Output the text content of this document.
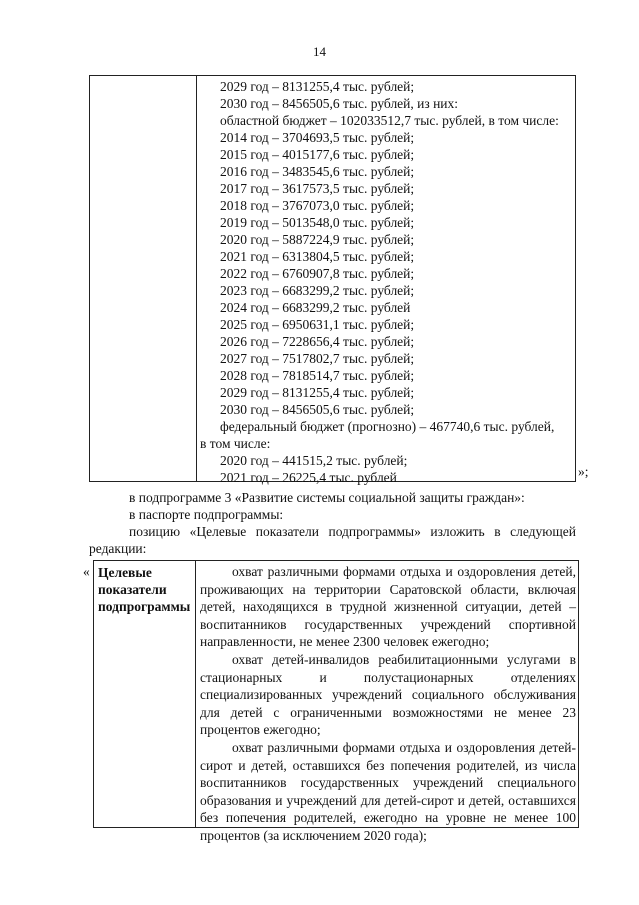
14
2029 год – 8131255,4 тыс. рублей;
2030 год – 8456505,6 тыс. рублей, из них:
областной бюджет – 102033512,7 тыс. рублей, в том числе:
2014 год – 3704693,5 тыс. рублей;
2015 год – 4015177,6 тыс. рублей;
2016 год – 3483545,6 тыс. рублей;
2017 год – 3617573,5 тыс. рублей;
2018 год – 3767073,0 тыс. рублей;
2019 год – 5013548,0 тыс. рублей;
2020 год – 5887224,9 тыс. рублей;
2021 год – 6313804,5 тыс. рублей;
2022 год – 6760907,8 тыс. рублей;
2023 год – 6683299,2 тыс. рублей;
2024 год – 6683299,2 тыс. рублей
2025 год – 6950631,1 тыс. рублей;
2026 год – 7228656,4 тыс. рублей;
2027 год – 7517802,7 тыс. рублей;
2028 год – 7818514,7 тыс. рублей;
2029 год – 8131255,4 тыс. рублей;
2030 год – 8456505,6 тыс. рублей;
федеральный бюджет (прогнозно) – 467740,6 тыс. рублей,
в том числе:
2020 год – 441515,2 тыс. рублей;
2021 год – 26225,4 тыс. рублей	»;
в подпрограмме 3 «Развитие системы социальной защиты граждан»:
в паспорте подпрограммы:
позицию «Целевые показатели подпрограммы» изложить в следующей редакции:
« Целевые показатели подпрограммы

охват различными формами отдыха и оздоровления детей, проживающих на территории Саратовской области, включая детей, находящихся в трудной жизненной ситуации, детей – воспитанников государственных учреждений спортивной направленности, не менее 2300 человек ежегодно;

охват детей-инвалидов реабилитационными услугами в стационарных и полустационарных отделениях специализированных учреждений социального обслуживания для детей с ограниченными возможностями не менее 23 процентов ежегодно;

охват различными формами отдыха и оздоровления детей-сирот и детей, оставшихся без попечения родителей, из числа воспитанников государственных учреждений специального образования и учреждений для детей-сирот и детей, оставшихся без попечения родителей, ежегодно на уровне не менее 100 процентов (за исключением 2020 года);
